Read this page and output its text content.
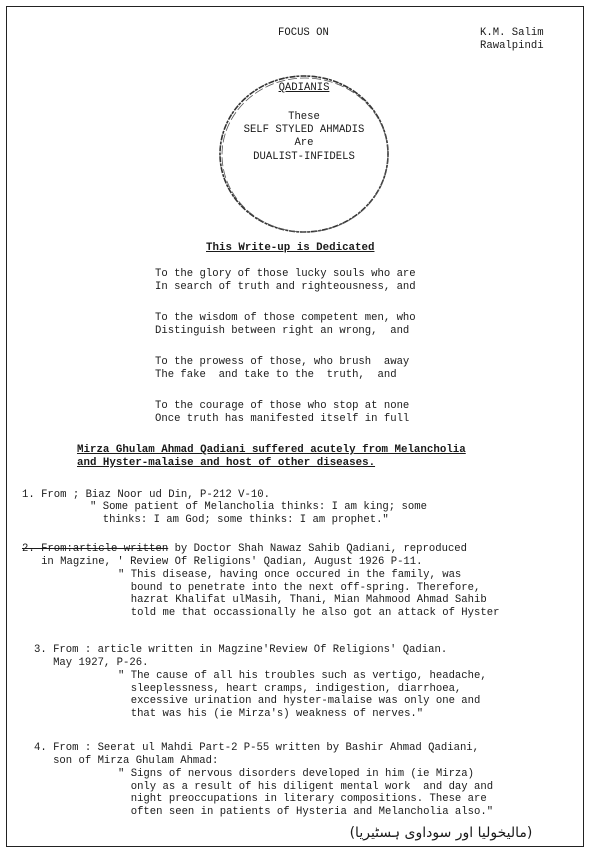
FOCUS ON	K.M. Salim
Rawalpindi
QADIANIS
These
SELF STYLED AHMADIS
Are
DUALIST-INFIDELS
This Write-up is Dedicated
To the glory of those lucky souls who are
In search of truth and righteousness, and
To the wisdom of those competent men, who
Distinguish between right an wrong,  and
To the prowess of those, who brush  away
The fake  and take to the  truth,  and
To the courage of those who stop at none
Once truth has manifested itself in full
Mirza Ghulam Ahmad Qadiani suffered acutely from Melancholia
and Hyster-malaise and host of other diseases.
1. From ; Biaz Noor ud Din, P-212 V-10.
" Some patient of Melancholia thinks: I am king; some
thinks: I am God; some thinks: I am prophet."
2. From:article written by Doctor Shah Nawaz Sahib Qadiani, reproduced
in Magzine, ' Review Of Religions' Qadian, August 1926 P-11.
" This disease, having once occured in the family, was
bound to penetrate into the next off-spring. Therefore,
hazrat Khalifat ulMasih, Thani, Mian Mahmood Ahmad Sahib
told me that occassionally he also got an attack of Hyster
3. From : article written in Magzine'Review Of Religions' Qadian.
May 1927, P-26.
" The cause of all his troubles such as vertigo, headache,
sleeplessness, heart cramps, indigestion, diarrhoea,
excessive urination and hyster-malaise was only one and
that was his (ie Mirza's) weakness of nerves."
4. From : Seerat ul Mahdi Part-2 P-55 written by Bashir Ahmad Qadiani,
son of Mirza Ghulam Ahmad:
" Signs of nervous disorders developed in him (ie Mirza)
only as a result of his diligent mental work  and day and
night preoccupations in literary compositions. These are
often seen in patients of Hysteria and Melancholia also."
(مالیخولیا اور سوداوی ہسٹیریا)
